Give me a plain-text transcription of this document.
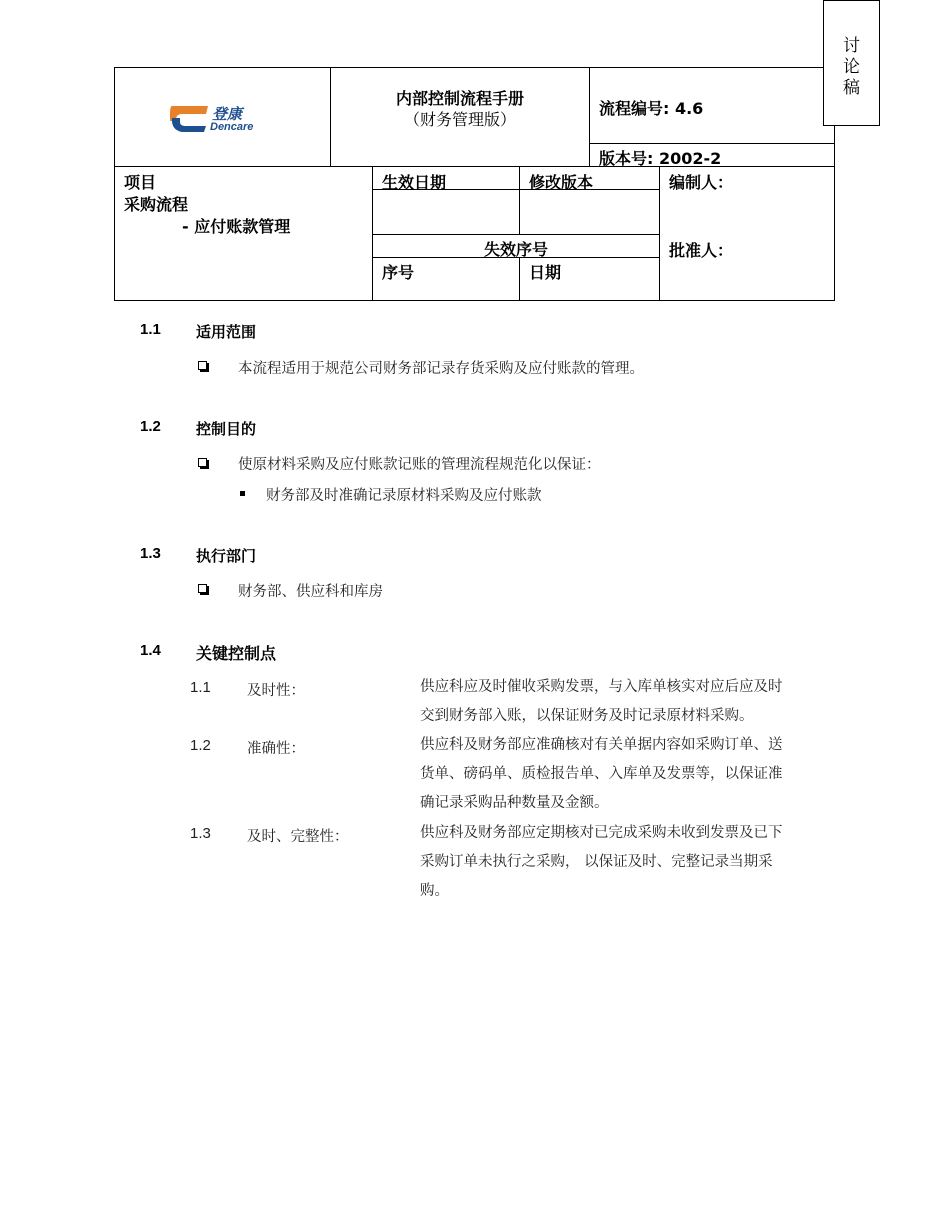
讨
论
稿
登康
Dencare
内部控制流程手册
（财务管理版）
流程编号: 4.6
版本号: 2002-2
项目
采购流程
- 应付账款管理
生效日期	修改版本	编制人：
失效序号	批准人：
序号	日期
1.1 适用范围
本流程适用于规范公司财务部记录存货采购及应付账款的管理。
1.2 控制目的
使原材料采购及应付账款记账的管理流程规范化以保证：
财务部及时准确记录原材料采购及应付账款
1.3 执行部门
财务部、供应科和库房
1.4 关键控制点
1.1 及时性：	供应科应及时催收采购发票，与入库单核实对应后应及时
交到财务部入账，以保证财务及时记录原材料采购。
1.2 准确性：	供应科及财务部应准确核对有关单据内容如采购订单、送
货单、磅码单、质检报告单、入库单及发票等，以保证准
确记录采购品种数量及金额。
1.3 及时、完整性：	供应科及财务部应定期核对已完成采购未收到发票及已下
采购订单未执行之采购， 以保证及时、完整记录当期采
购。
